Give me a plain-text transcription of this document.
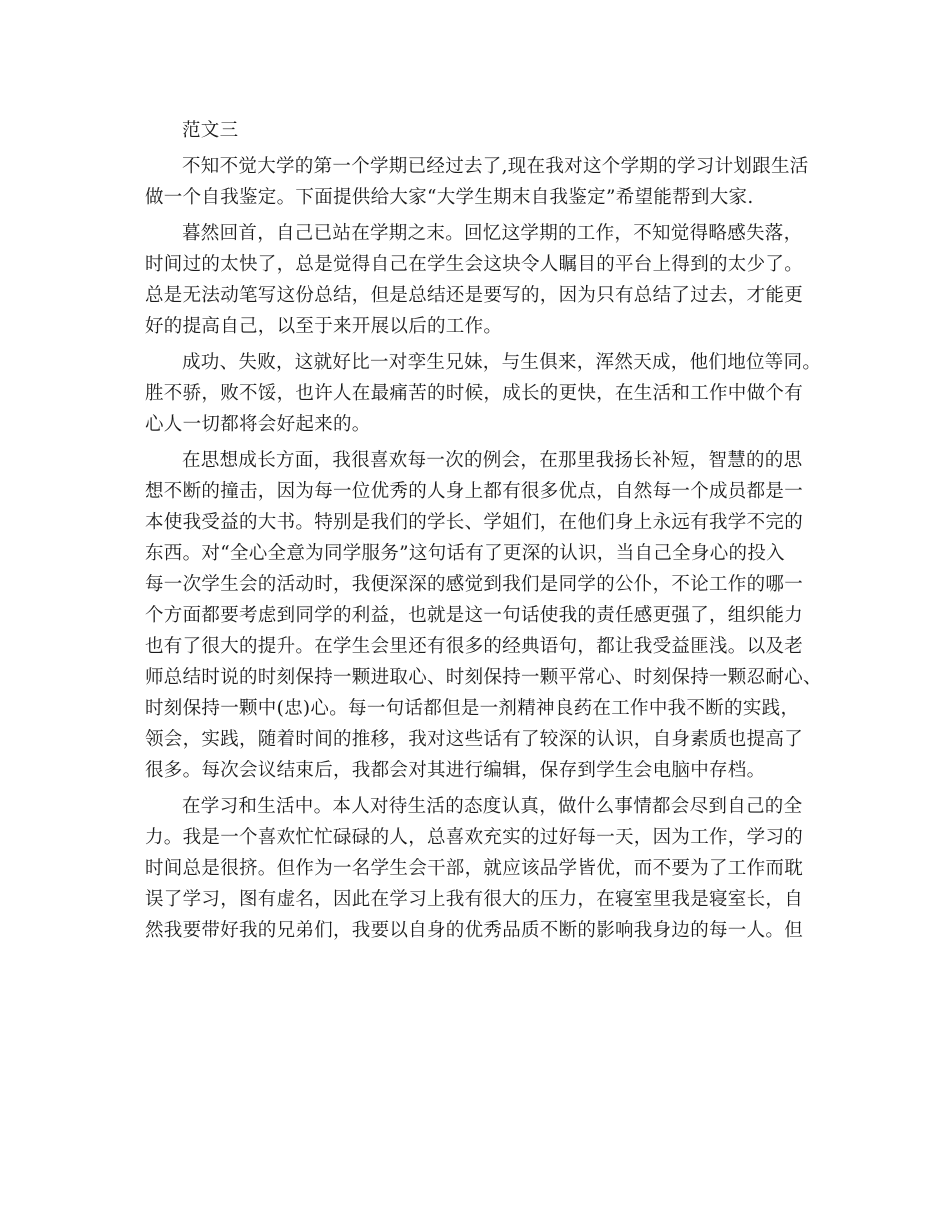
范文三
不知不觉大学的第一个学期已经过去了,现在我对这个学期的学习计划跟生活
做一个自我鉴定。下面提供给大家“大学生期末自我鉴定”希望能帮到大家.
暮然回首，自己已站在学期之末。回忆这学期的工作，不知觉得略感失落，
时间过的太快了，总是觉得自己在学生会这块令人瞩目的平台上得到的太少了。
总是无法动笔写这份总结，但是总结还是要写的，因为只有总结了过去，才能更
好的提高自己，以至于来开展以后的工作。
成功、失败，这就好比一对孪生兄妹，与生俱来，浑然天成，他们地位等同。
胜不骄，败不馁，也许人在最痛苦的时候，成长的更快，在生活和工作中做个有
心人一切都将会好起来的。
在思想成长方面，我很喜欢每一次的例会，在那里我扬长补短，智慧的的思
想不断的撞击，因为每一位优秀的人身上都有很多优点，自然每一个成员都是一
本使我受益的大书。特别是我们的学长、学姐们，在他们身上永远有我学不完的
东西。对“全心全意为同学服务”这句话有了更深的认识，当自己全身心的投入
每一次学生会的活动时，我便深深的感觉到我们是同学的公仆，不论工作的哪一
个方面都要考虑到同学的利益，也就是这一句话使我的责任感更强了，组织能力
也有了很大的提升。在学生会里还有很多的经典语句，都让我受益匪浅。以及老
师总结时说的时刻保持一颗进取心、时刻保持一颗平常心、时刻保持一颗忍耐心、
时刻保持一颗中(忠)心。每一句话都但是一剂精神良药在工作中我不断的实践，
领会，实践，随着时间的推移，我对这些话有了较深的认识，自身素质也提高了
很多。每次会议结束后，我都会对其进行编辑，保存到学生会电脑中存档。
在学习和生活中。本人对待生活的态度认真，做什么事情都会尽到自己的全
力。我是一个喜欢忙忙碌碌的人，总喜欢充实的过好每一天，因为工作，学习的
时间总是很挤。但作为一名学生会干部，就应该品学皆优，而不要为了工作而耽
误了学习，图有虚名，因此在学习上我有很大的压力，在寝室里我是寝室长，自
然我要带好我的兄弟们，我要以自身的优秀品质不断的影响我身边的每一人。但
